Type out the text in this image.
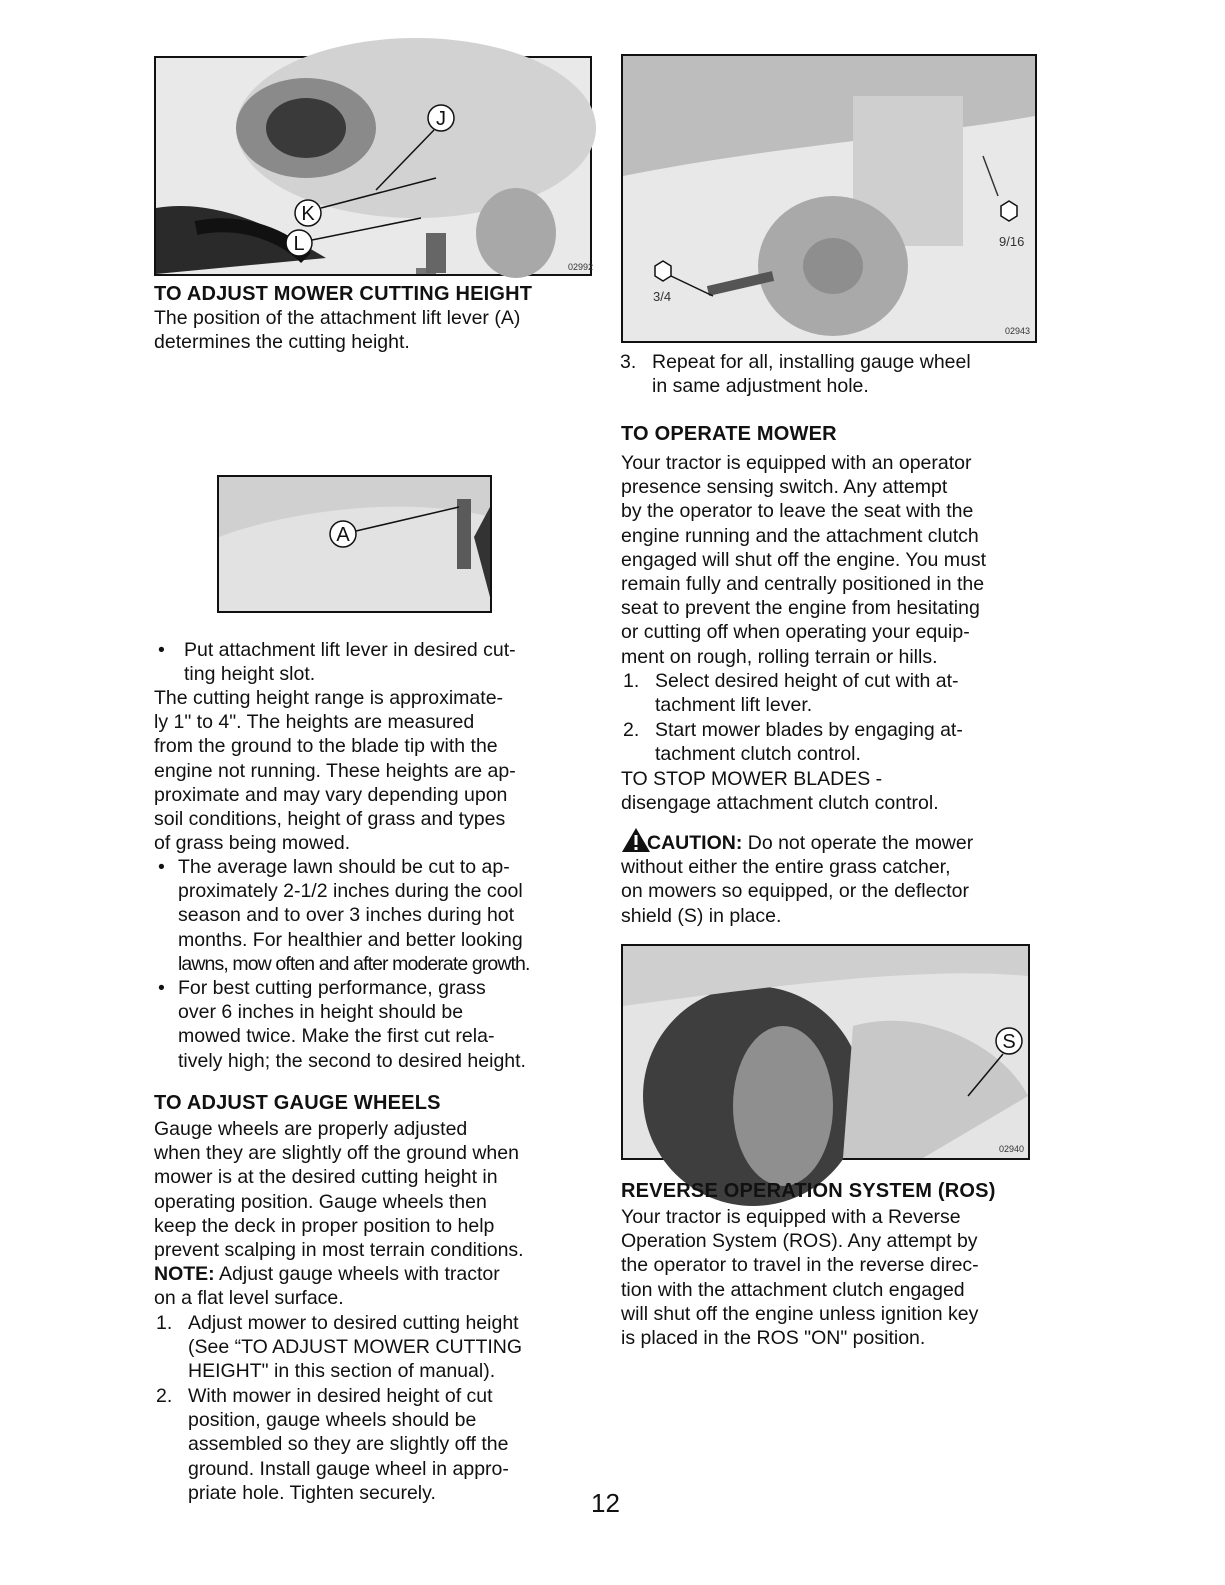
J
K
02992
L
TO ADJUST MOWER CUTTING HEIGHT
The position of the attachment lift lever (A)
determines the cutting height.
A
• Put attachment lift lever in desired cut-
ting height slot.
The cutting height range is approximate-
ly 1" to 4". The heights are measured
from the ground to the blade tip with the
engine not running. These heights are ap-
proximate and may vary depending upon
soil conditions, height of grass and types
of grass being mowed.
• The average lawn should be cut to ap-
proximately 2-1/2 inches during the cool
season and to over 3 inches during hot
months. For healthier and better looking
lawns, mow often and after moderate growth.
• For best cutting performance, grass
over 6 inches in height should be
mowed twice. Make the first cut rela-
tively high; the second to desired height.
TO ADJUST GAUGE WHEELS
Gauge wheels are properly adjusted
when they are slightly off the ground when
mower is at the desired cutting height in
operating position. Gauge wheels then
keep the deck in proper position to help
prevent scalping in most terrain conditions.
NOTE: Adjust gauge wheels with tractor
on a flat level surface.
1. Adjust mower to desired cutting height
(See “TO ADJUST MOWER CUTTING
HEIGHT" in this section of manual).
2. With mower in desired height of cut
position, gauge wheels should be
assembled so they are slightly off the
ground. Install gauge wheel in appro-
priate hole. Tighten securely.
9/16
3/4
02943
3. Repeat for all, installing gauge wheel
in same adjustment hole.
TO OPERATE MOWER
Your tractor is equipped with an operator
presence sensing switch. Any attempt
by the operator to leave the seat with the
engine running and the attachment clutch
engaged will shut off the engine. You must
remain fully and centrally positioned in the
seat to prevent the engine from hesitating
or cutting off when operating your equip-
ment on rough, rolling terrain or hills.
1. Select desired height of cut with at-
tachment lift lever.
2. Start mower blades by engaging at-
tachment clutch control.
TO STOP MOWER BLADES -
disengage attachment clutch control.
CAUTION: Do not operate the mower
without either the entire grass catcher,
on mowers so equipped, or the deflector
shield (S) in place.
S
02940
REVERSE OPERATION SYSTEM (ROS)
Your tractor is equipped with a Reverse
Operation System (ROS). Any attempt by
the operator to travel in the reverse direc-
tion with the attachment clutch engaged
will shut off the engine unless ignition key
is placed in the ROS "ON" position.
12
